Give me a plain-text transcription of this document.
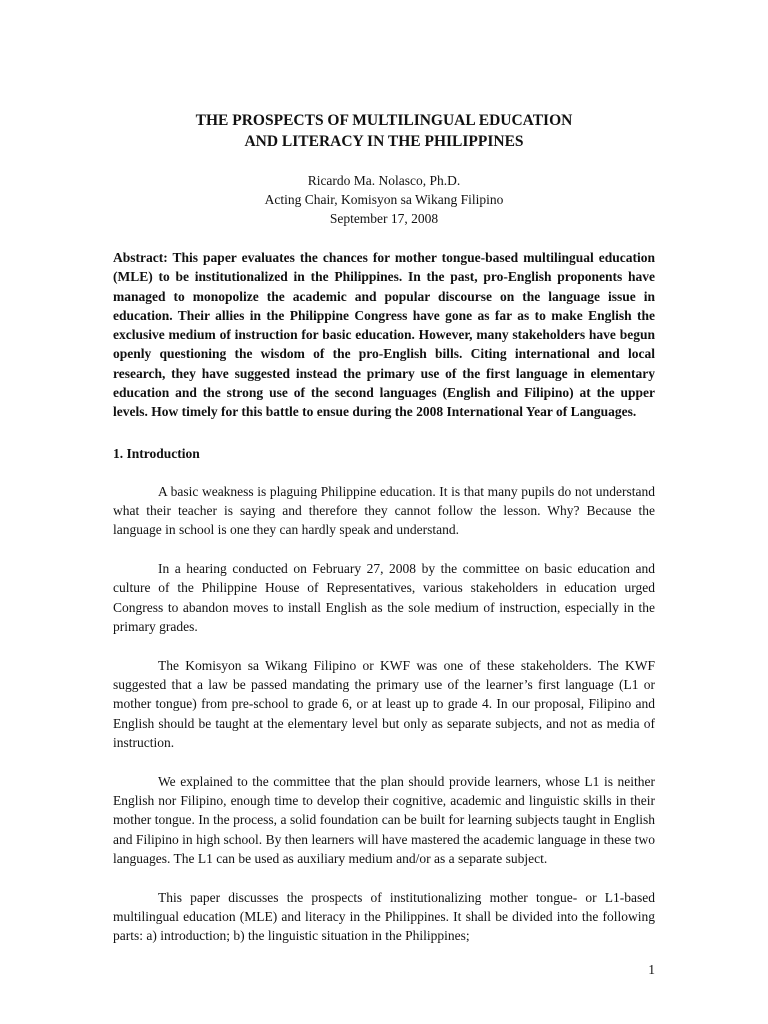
THE PROSPECTS OF MULTILINGUAL EDUCATION
AND LITERACY IN THE PHILIPPINES
Ricardo Ma. Nolasco, Ph.D.
Acting Chair, Komisyon sa Wikang Filipino
September 17, 2008
Abstract: This paper evaluates the chances for mother tongue-based multilingual education (MLE) to be institutionalized in the Philippines. In the past, pro-English proponents have managed to monopolize the academic and popular discourse on the language issue in education. Their allies in the Philippine Congress have gone as far as to make English the exclusive medium of instruction for basic education. However, many stakeholders have begun openly questioning the wisdom of the pro-English bills. Citing international and local research, they have suggested instead the primary use of the first language in elementary education and the strong use of the second languages (English and Filipino) at the upper levels. How timely for this battle to ensue during the 2008 International Year of Languages.
1. Introduction
A basic weakness is plaguing Philippine education. It is that many pupils do not understand what their teacher is saying and therefore they cannot follow the lesson. Why? Because the language in school is one they can hardly speak and understand.
In a hearing conducted on February 27, 2008 by the committee on basic education and culture of the Philippine House of Representatives, various stakeholders in education urged Congress to abandon moves to install English as the sole medium of instruction, especially in the primary grades.
The Komisyon sa Wikang Filipino or KWF was one of these stakeholders. The KWF suggested that a law be passed mandating the primary use of the learner’s first language (L1 or mother tongue) from pre-school to grade 6, or at least up to grade 4. In our proposal, Filipino and English should be taught at the elementary level but only as separate subjects, and not as media of instruction.
We explained to the committee that the plan should provide learners, whose L1 is neither English nor Filipino, enough time to develop their cognitive, academic and linguistic skills in their mother tongue. In the process, a solid foundation can be built for learning subjects taught in English and Filipino in high school. By then learners will have mastered the academic language in these two languages. The L1 can be used as auxiliary medium and/or as a separate subject.
This paper discusses the prospects of institutionalizing mother tongue- or L1-based multilingual education (MLE) and literacy in the Philippines. It shall be divided into the following parts: a) introduction; b) the linguistic situation in the Philippines;
1
